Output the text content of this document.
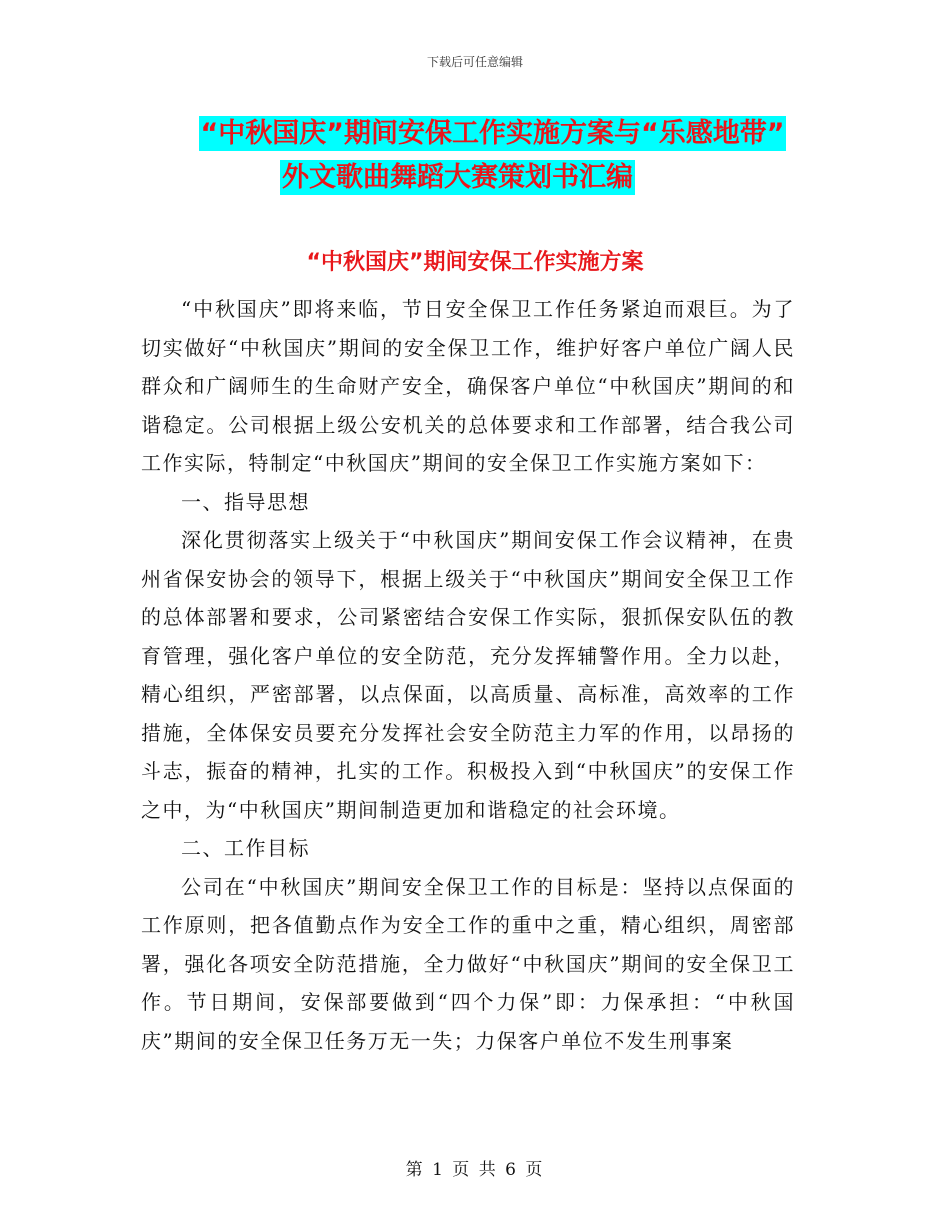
下载后可任意编辑
“中秋国庆”期间安保工作实施方案与“乐感地带”
外文歌曲舞蹈大赛策划书汇编
“中秋国庆”期间安保工作实施方案

“中秋国庆”即将来临，节日安全保卫工作任务紧迫而艰巨。为了切实做好“中秋国庆”期间的安全保卫工作，维护好客户单位广阔人民群众和广阔师生的生命财产安全，确保客户单位“中秋国庆”期间的和谐稳定。公司根据上级公安机关的总体要求和工作部署，结合我公司工作实际，特制定“中秋国庆”期间的安全保卫工作实施方案如下：

一、指导思想

深化贯彻落实上级关于“中秋国庆”期间安保工作会议精神，在贵州省保安协会的领导下，根据上级关于“中秋国庆”期间安全保卫工作的总体部署和要求，公司紧密结合安保工作实际，狠抓保安队伍的教育管理，强化客户单位的安全防范，充分发挥辅警作用。全力以赴，精心组织，严密部署，以点保面，以高质量、高标准，高效率的工作措施，全体保安员要充分发挥社会安全防范主力军的作用，以昂扬的斗志，振奋的精神，扎实的工作。积极投入到“中秋国庆”的安保工作之中，为“中秋国庆”期间制造更加和谐稳定的社会环境。

二、工作目标

公司在“中秋国庆”期间安全保卫工作的目标是：坚持以点保面的工作原则，把各值勤点作为安全工作的重中之重，精心组织，周密部署，强化各项安全防范措施，全力做好“中秋国庆”期间的安全保卫工作。节日期间，安保部要做到“四个力保”即：力保承担：“中秋国庆”期间的安全保卫任务万无一失；力保客户单位不发生刑事案

第 1 页 共 6 页
